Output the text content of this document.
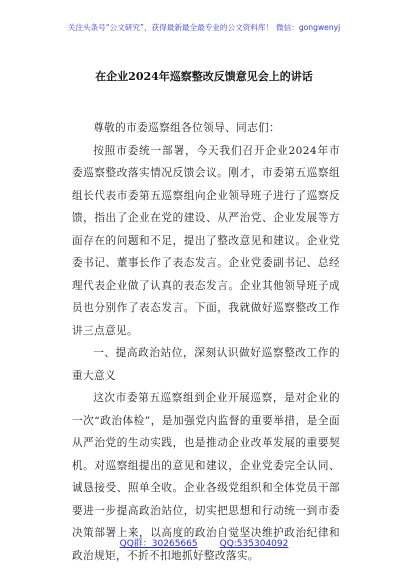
关注头条号“公文研究”，获得最新最全最专业的公文资料库！ 微信：gongwenyj
在企业2024年巡察整改反馈意见会上的讲话

尊敬的市委巡察组各位领导、同志们：

按照市委统一部署，今天我们召开企业2024年市委巡察整改落实情况反馈会议。刚才，市委第五巡察组组长代表市委第五巡察组向企业领导班子进行了巡察反馈，指出了企业在党的建设、从严治党、企业发展等方面存在的问题和不足，提出了整改意见和建议。企业党委书记、董事长作了表态发言。企业党委副书记、总经理代表企业做了认真的表态发言。企业其他领导班子成员也分别作了表态发言。下面，我就做好巡察整改工作讲三点意见。

一、提高政治站位，深刻认识做好巡察整改工作的重大意义

这次市委第五巡察组到企业开展巡察，是对企业的一次“政治体检”，是加强党内监督的重要举措，是全面从严治党的生动实践，也是推动企业改革发展的重要契机。对巡察组提出的意见和建议，企业党委完全认同、诚恳接受、照单全收。企业各级党组织和全体党员干部要进一步提高政治站位，切实把思想和行动统一到市委决策部署上来，以高度的政治自觉坚决维护政治纪律和政治规矩，不折不扣地抓好整改落实。

QQ群：30265665 QQ:535304092
